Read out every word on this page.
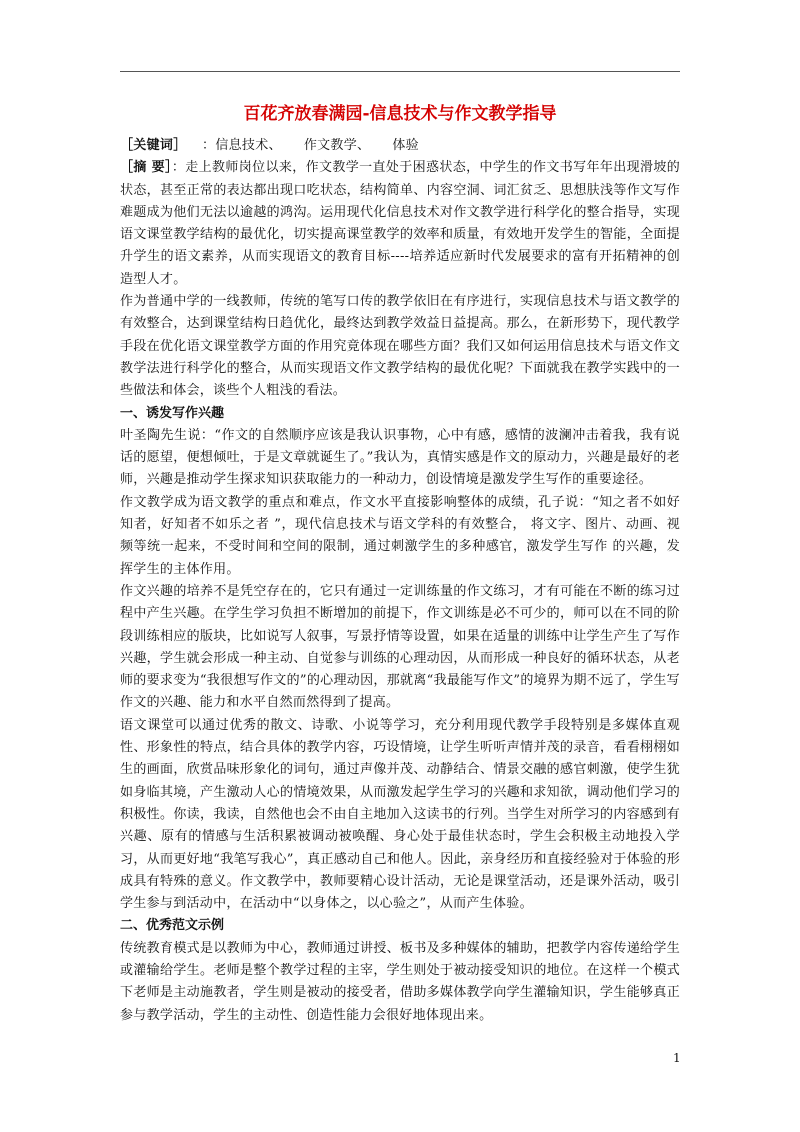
百花齐放春满园-信息技术与作文教学指导

［关键词］ ：信息技术、 作文教学、 体验

［摘 要］：走上教师岗位以来，作文教学一直处于困惑状态，中学生的作文书写年年出现滑坡的状态，甚至正常的表达都出现口吃状态，结构简单、内容空洞、词汇贫乏、思想肤浅等作文写作难题成为他们无法以逾越的鸿沟。运用现代化信息技术对作文教学进行科学化的整合指导，实现语文课堂教学结构的最优化，切实提高课堂教学的效率和质量，有效地开发学生的智能，全面提升学生的语文素养，从而实现语文的教育目标----培养适应新时代发展要求的富有开拓精神的创造型人才。

作为普通中学的一线教师，传统的笔写口传的教学依旧在有序进行，实现信息技术与语文教学的有效整合，达到课堂结构日趋优化，最终达到教学效益日益提高。那么，在新形势下，现代教学手段在优化语文课堂教学方面的作用究竟体现在哪些方面？我们又如何运用信息技术与语文作文教学法进行科学化的整合，从而实现语文作文教学结构的最优化呢？下面就我在教学实践中的一些做法和体会，谈些个人粗浅的看法。

一、诱发写作兴趣

叶圣陶先生说：“作文的自然顺序应该是我认识事物，心中有感，感情的波澜冲击着我，我有说话的愿望，便想倾吐，于是文章就诞生了。”我认为，真情实感是作文的原动力，兴趣是最好的老师，兴趣是推动学生探求知识获取能力的一种动力，创设情境是激发学生写作的重要途径。

作文教学成为语文教学的重点和难点，作文水平直接影响整体的成绩，孔子说：“知之者不如好知者，好知者不如乐之者 ”，现代信息技术与语文学科的有效整合， 将文字、图片、动画、视频等统一起来，不受时间和空间的限制，通过刺激学生的多种感官，激发学生写作 的兴趣，发挥学生的主体作用。

作文兴趣的培养不是凭空存在的，它只有通过一定训练量的作文练习，才有可能在不断的练习过程中产生兴趣。在学生学习负担不断增加的前提下，作文训练是必不可少的，师可以在不同的阶段训练相应的版块，比如说写人叙事，写景抒情等设置，如果在适量的训练中让学生产生了写作兴趣，学生就会形成一种主动、自觉参与训练的心理动因，从而形成一种良好的循环状态，从老师的要求变为“我很想写作文的”的心理动因，那就离“我最能写作文”的境界为期不远了，学生写作文的兴趣、能力和水平自然而然得到了提高。

语文课堂可以通过优秀的散文、诗歌、小说等学习，充分利用现代教学手段特别是多媒体直观性、形象性的特点，结合具体的教学内容，巧设情境，让学生听听声情并茂的录音，看看栩栩如生的画面，欣赏品味形象化的词句，通过声像并茂、动静结合、情景交融的感官刺激，使学生犹如身临其境，产生激动人心的情境效果，从而激发起学生学习的兴趣和求知欲，调动他们学习的积极性。你读，我读，自然他也会不由自主地加入这读书的行列。当学生对所学习的内容感到有兴趣、原有的情感与生活积累被调动被唤醒、身心处于最佳状态时，学生会积极主动地投入学习，从而更好地“我笔写我心”，真正感动自己和他人。因此，亲身经历和直接经验对于体验的形成具有特殊的意义。作文教学中，教师要精心设计活动，无论是课堂活动，还是课外活动，吸引学生参与到活动中，在活动中“以身体之，以心验之”，从而产生体验。

二、优秀范文示例

传统教育模式是以教师为中心，教师通过讲授、板书及多种媒体的辅助，把教学内容传递给学生或灌输给学生。老师是整个教学过程的主宰，学生则处于被动接受知识的地位。在这样一个模式下老师是主动施教者，学生则是被动的接受者，借助多媒体教学向学生灌输知识，学生能够真正参与教学活动，学生的主动性、创造性能力会很好地体现出来。

1
